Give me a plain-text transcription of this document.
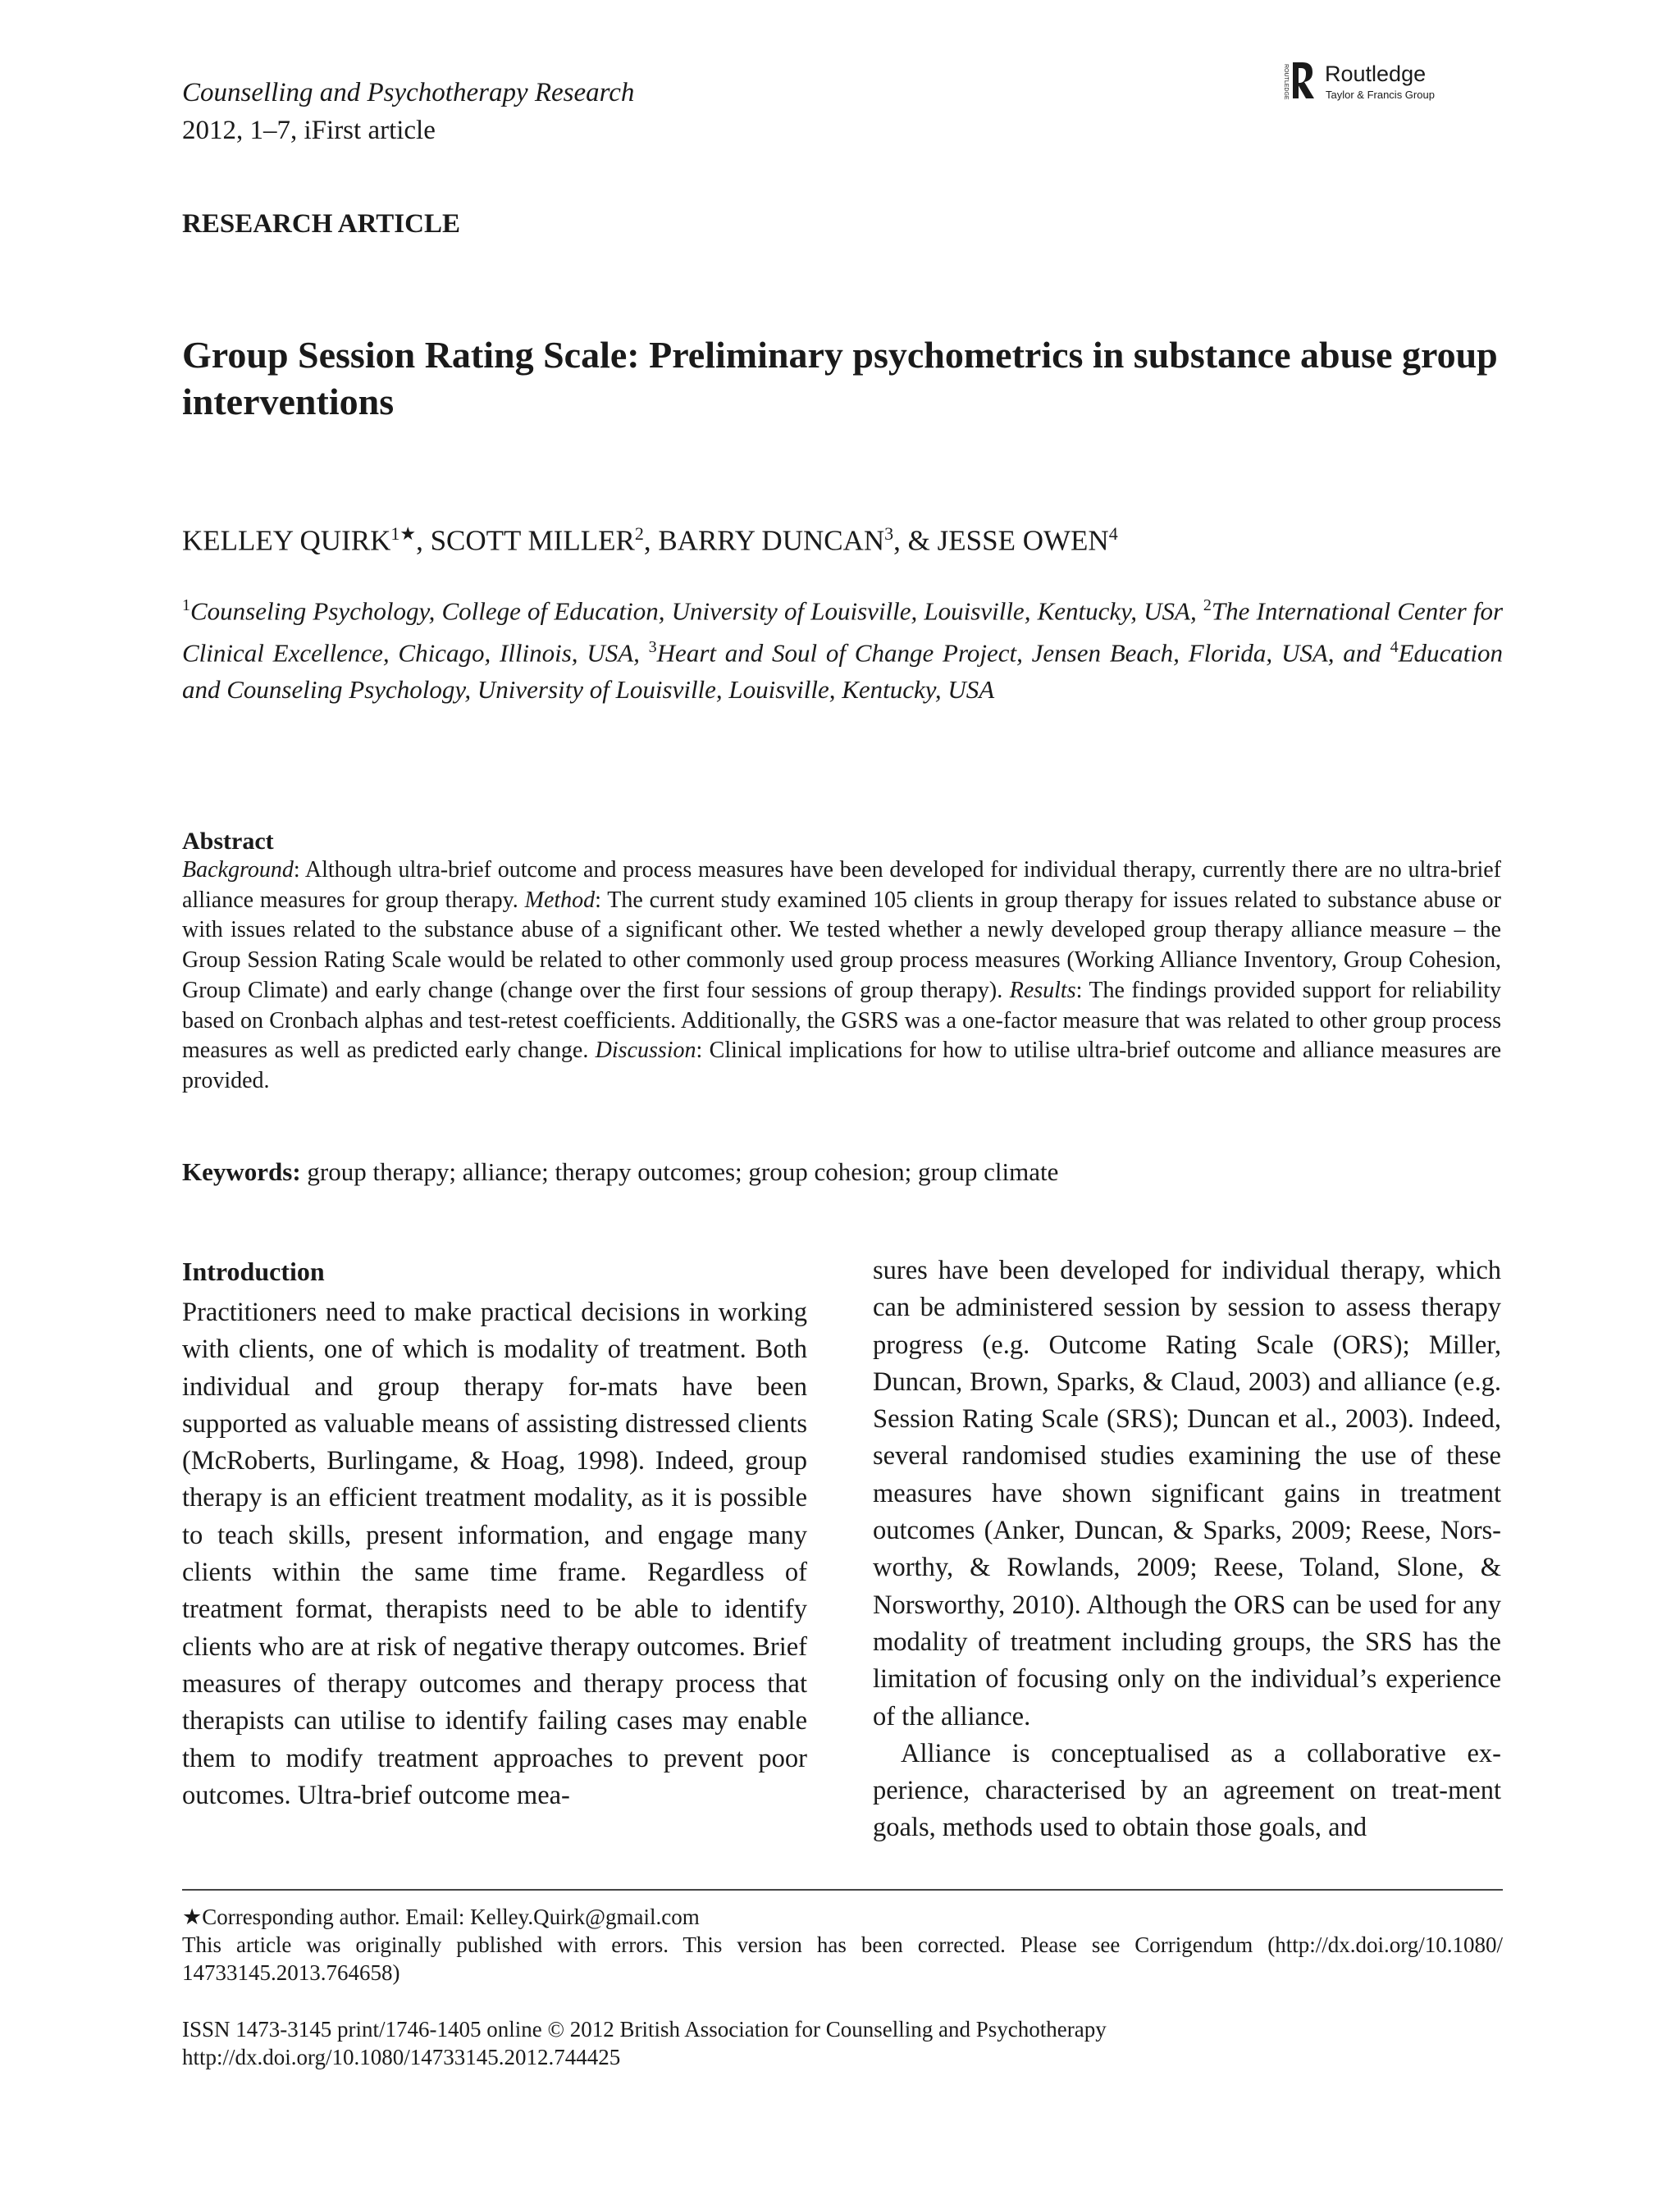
Counselling and Psychotherapy Research
2012, 1–7, iFirst article
ROUTLEDGE Routledge
Taylor & Francis Group
RESEARCH ARTICLE
Group Session Rating Scale: Preliminary psychometrics in substance abuse group interventions
KELLEY $QUIRK^{1★}$, SCOTT MILLER$^2$, BARRY DUNCAN$^3$, & JESSE OWEN$^4$
$^1$Counseling Psychology, College of Education, University of Louisville, Louisville, Kentucky, USA, $^2$The International Center for Clinical Excellence, Chicago, Illinois, USA, $^3$Heart and Soul of Change Project, Jensen Beach, Florida, USA, and $^4$Education and Counseling Psychology, University of Louisville, Louisville, Kentucky, USA
Abstract
Background: Although ultra-brief outcome and process measures have been developed for individual therapy, currently there are no ultra-brief alliance measures for group therapy. Method: The current study examined 105 clients in group therapy for issues related to substance abuse or with issues related to the substance abuse of a significant other. We tested whether a newly developed group therapy alliance measure – the Group Session Rating Scale would be related to other commonly used group process measures (Working Alliance Inventory, Group Cohesion, Group Climate) and early change (change over the first four sessions of group therapy). Results: The findings provided support for reliability based on Cronbach alphas and test-retest coefficients. Additionally, the GSRS was a one-factor measure that was related to other group process measures as well as predicted early change. Discussion: Clinical implications for how to utilise ultra-brief outcome and alliance measures are provided.
Keywords: group therapy; alliance; therapy outcomes; group cohesion; group climate
Introduction

Practitioners need to make practical decisions in working with clients, one of which is modality of treatment. Both individual and group therapy for-mats have been supported as valuable means of assisting distressed clients (McRoberts, Burlingame, & Hoag, 1998). Indeed, group therapy is an efficient treatment modality, as it is possible to teach skills, present information, and engage many clients within the same time frame. Regardless of treatment format, therapists need to be able to identify clients who are at risk of negative therapy outcomes. Brief measures of therapy outcomes and therapy process that therapists can utilise to identify failing cases may enable them to modify treatment approaches to prevent poor outcomes. Ultra-brief outcome mea-

sures have been developed for individual therapy, which can be administered session by session to assess therapy progress (e.g. Outcome Rating Scale (ORS); Miller, Duncan, Brown, Sparks, & Claud, 2003) and alliance (e.g. Session Rating Scale (SRS); Duncan et al., 2003). Indeed, several randomised studies examining the use of these measures have shown significant gains in treatment outcomes (Anker, Duncan, & Sparks, 2009; Reese, Nors-worthy, & Rowlands, 2009; Reese, Toland, Slone, & Norsworthy, 2010). Although the ORS can be used for any modality of treatment including groups, the SRS has the limitation of focusing only on the individual’s experience of the alliance.

Alliance is conceptualised as a collaborative ex-perience, characterised by an agreement on treat-ment goals, methods used to obtain those goals, and

★Corresponding author. Email: Kelley.Quirk@gmail.com
This article was originally published with errors. This version has been corrected. Please see Corrigendum (http://dx.doi.org/10.1080/ 14733145.2013.764658)
ISSN 1473-3145 print/1746-1405 online © 2012 British Association for Counselling and Psychotherapy
http://dx.doi.org/10.1080/14733145.2012.744425
